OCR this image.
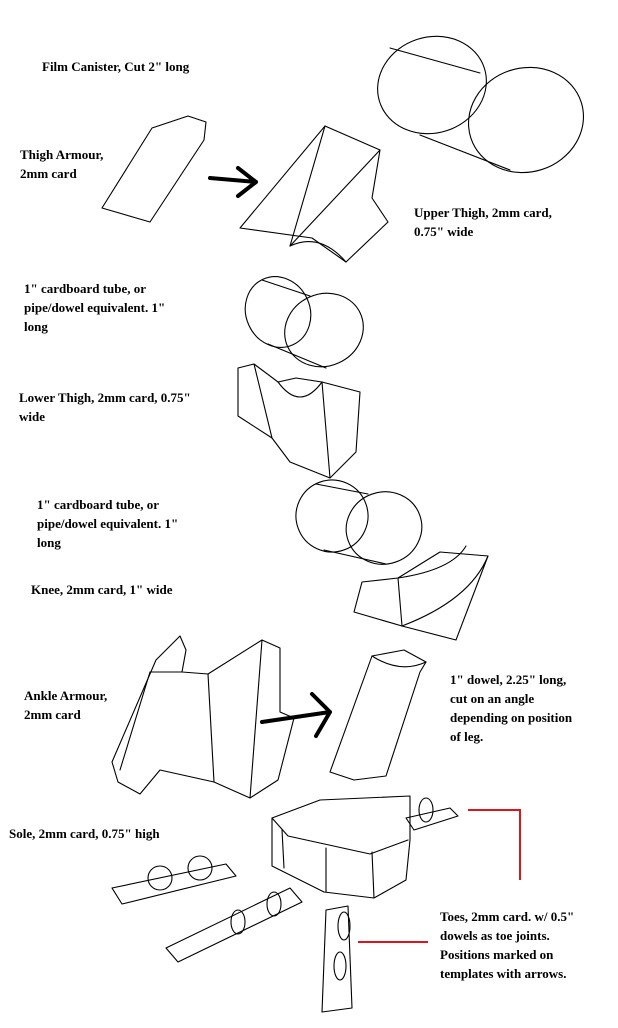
Film Canister, Cut 2" long
Thigh Armour,
2mm card
Upper Thigh, 2mm card,
0.75" wide
1" cardboard tube, or
pipe/dowel equivalent. 1"
long
Lower Thigh, 2mm card, 0.75"
wide
1" cardboard tube, or
pipe/dowel equivalent. 1"
long
Knee, 2mm card, 1" wide
Ankle Armour,
2mm card
1" dowel, 2.25" long,
cut on an angle
depending on position
of leg.
Sole, 2mm card, 0.75" high
Toes, 2mm card. w/ 0.5"
dowels as toe joints.
Positions marked on
templates with arrows.
